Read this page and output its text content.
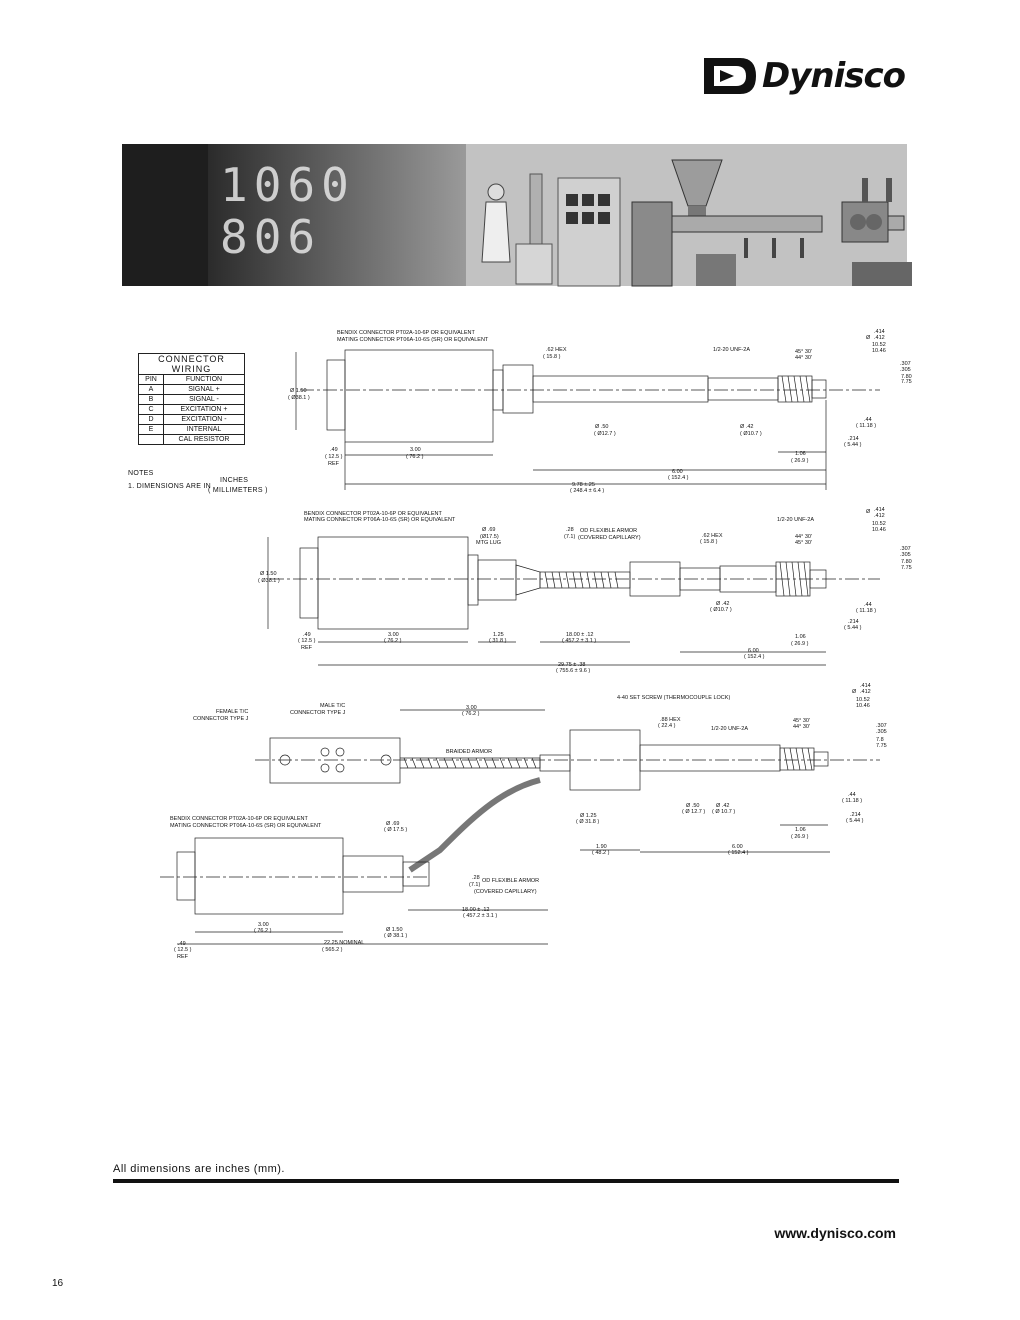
Dynisco
1060
806
CONNECTOR WIRING	
PIN	FUNCTION
A	SIGNAL +
B	SIGNAL -
C	EXCITATION +
D	EXCITATION -
E	INTERNAL
	CAL RESISTOR
NOTES
1. DIMENSIONS ARE IN
INCHES
( MILLIMETERS )
BENDIX CONNECTOR PT02A-10-6P OR EQUIVALENT
MATING CONNECTOR PT06A-10-6S (SR) OR EQUIVALENT
.62 HEX
( 15.8 )
1/2-20 UNF-2A
Ø 1.50
( Ø38.1 )
Ø .50
( Ø12.7 )
Ø .42
( Ø10.7 )
.49
( 12.5 )
REF
3.00
( 76.2 )
6.00
( 152.4 )
9.78 ±.25
( 248.4 ± 6.4 )
Ø
.414
.412
10.52
10.46
.307
.305
7.80
7.75
45° 30'
44° 30'
.44
( 11.18 )
.214
( 5.44 )
1.06
( 26.9 )
BENDIX CONNECTOR PT02A-10-6P OR EQUIVALENT
MATING CONNECTOR PT06A-10-6S (SR) OR EQUIVALENT
Ø .69
(Ø17.5)
MTG LUG
.28
(7.1)
OD FLEXIBLE ARMOR
(COVERED CAPILLARY)	.62 HEX
( 15.8 )
1/2-20 UNF-2A
Ø 1.50
( Ø38.1 )
Ø .42
( Ø10.7 )
.49
( 12.5 )
REF
3.00
( 76.2 )
1.25
( 31.8 )
18.00 ± .12
( 457.2 ± 3.1 )
6.00
( 152.4 )
29.75 ± .38
( 755.6 ± 9.6 )
Ø .414
.412
10.52
10.46
.307
.305
7.80
7.75
44° 30'
45° 30'
.44
( 11.18 )
.214
( 5.44 )
1.06
( 26.9 )
FEMALE T/C
CONNECTOR TYPE J
MALE T/C
CONNECTOR TYPE J
3.00
( 76.2 )
4-40 SET SCREW (THERMOCOUPLE LOCK)
BRAIDED ARMOR
.88 HEX
( 22.4 )	1/2-20 UNF-2A
Ø 1.25
( Ø 31.8 )
Ø .50
( Ø 12.7 )
Ø .42
( Ø 10.7 )
1.90
( 48.2 )
6.00
( 152.4 )
BENDIX CONNECTOR PT02A-10-6P OR EQUIVALENT
MATING CONNECTOR PT06A-10-6S (SR) OR EQUIVALENT	Ø .69
( Ø 17.5 )
.28
(7.1)
OD FLEXIBLE ARMOR
(COVERED CAPILLARY)
18.00 ± .12
( 457.2 ± 3.1 )
Ø 1.50
( Ø 38.1 )
3.00
( 76.2 )
.49
( 12.5 )
REF
22.25 NOMINAL
( 565.2 )
Ø
.414
.412
10.52
10.46
.307
.305
7.8
7.75
45° 30'
44° 30'
.44
( 11.18 )
.214
( 5.44 )
1.06
( 26.9 )
All dimensions are inches (mm).
www.dynisco.com
16
